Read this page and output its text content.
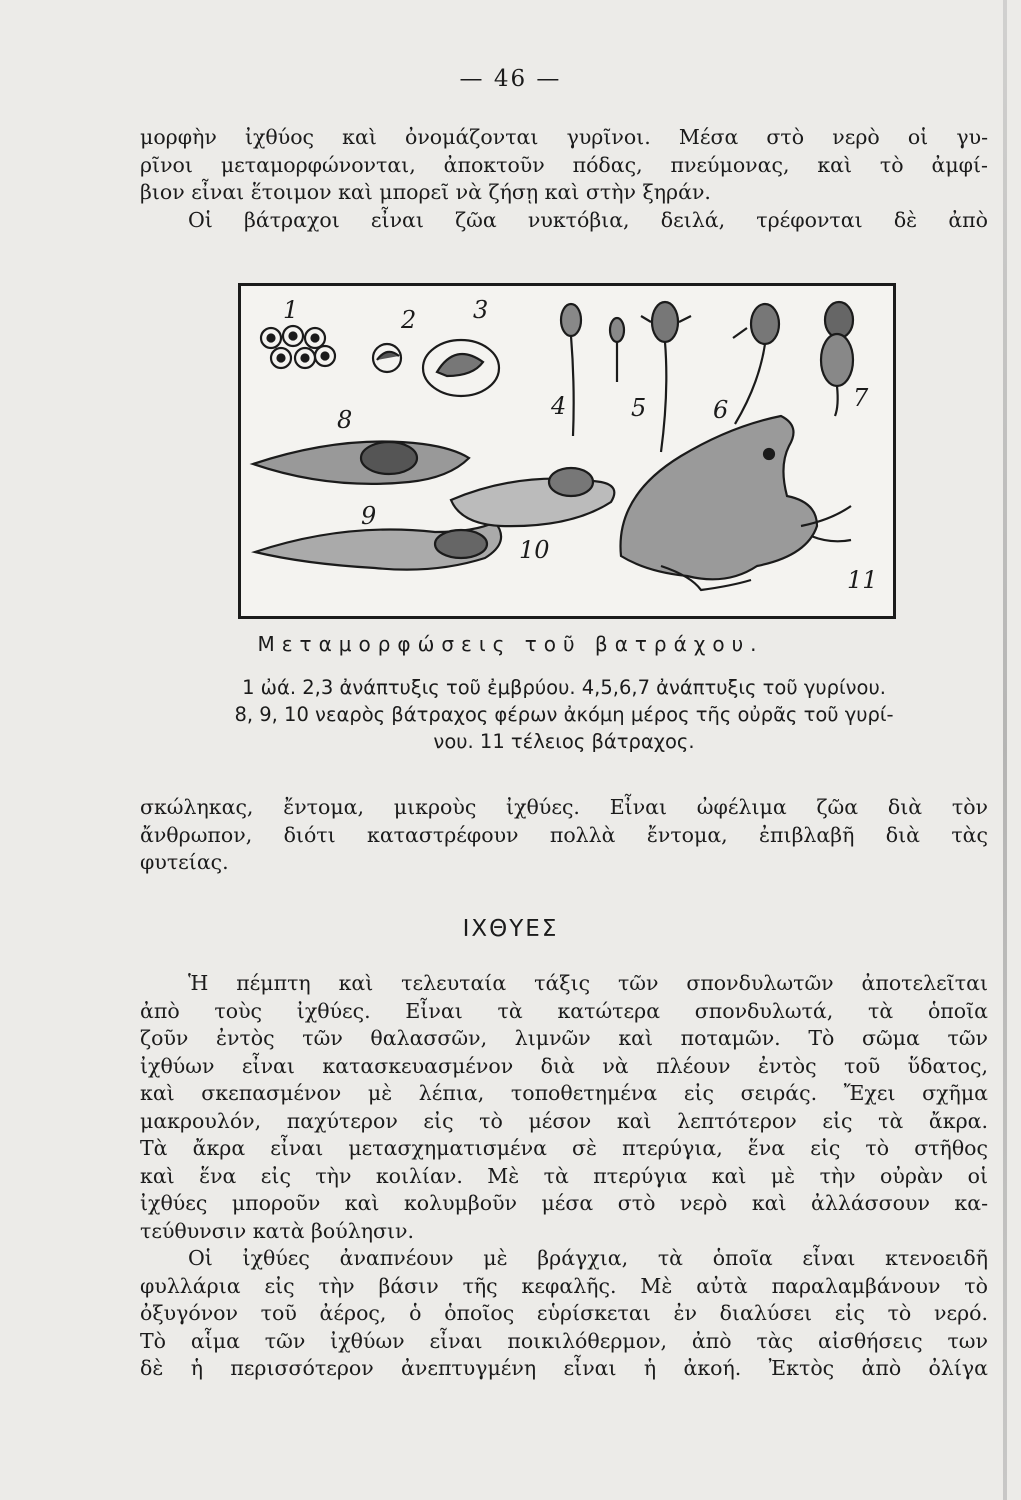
— 46 —
μορφὴν ἰχθύος καὶ ὀνομάζονται γυρῖνοι. Μέσα στὸ νερὸ οἱ γυ-
ρῖνοι μεταμορφώνονται, ἀποκτοῦν πόδας, πνεύμονας, καὶ τὸ ἀμφί-
βιον εἶναι ἕτοιμον καὶ μπορεῖ νὰ ζήσῃ καὶ στὴν ξηράν.
Οἱ βάτραχοι εἶναι ζῶα νυκτόβια, δειλά, τρέφονται δὲ ἀπὸ
1	2 3
4	5	6	7
8
9
10
11
Μεταμορφώσεις τοῦ βατράχου.
1 ὠά. 2,3 ἀνάπτυξις τοῦ ἐμβρύου. 4,5,6,7 ἀνάπτυξις τοῦ γυρίνου.
8, 9, 10 νεαρὸς βάτραχος φέρων ἀκόμη μέρος τῆς οὐρᾶς τοῦ γυρί-
νου. 11 τέλειος βάτραχος.
σκώληκας, ἔντομα, μικροὺς ἰχθύες. Εἶναι ὠφέλιμα ζῶα διὰ τὸν
ἄνθρωπον, διότι καταστρέφουν πολλὰ ἔντομα, ἐπιβλαβῆ διὰ τὰς
φυτείας.
ΙΧΘΥΕΣ
Ἡ πέμπτη καὶ τελευταία τάξις τῶν σπονδυλωτῶν ἀποτελεῖται
ἀπὸ τοὺς ἰχθύες. Εἶναι τὰ κατώτερα σπονδυλωτά, τὰ ὁποῖα
ζοῦν ἐντὸς τῶν θαλασσῶν, λιμνῶν καὶ ποταμῶν. Τὸ σῶμα τῶν
ἰχθύων εἶναι κατασκευασμένον διὰ νὰ πλέουν ἐντὸς τοῦ ὕδατος,
καὶ σκεπασμένον μὲ λέπια, τοποθετημένα εἰς σειράς. Ἔχει σχῆμα
μακρουλόν, παχύτερον εἰς τὸ μέσον καὶ λεπτότερον εἰς τὰ ἄκρα.
Τὰ ἄκρα εἶναι μετασχηματισμένα σὲ πτερύγια, ἕνα εἰς τὸ στῆθος
καὶ ἕνα εἰς τὴν κοιλίαν. Μὲ τὰ πτερύγια καὶ μὲ τὴν οὐρὰν οἱ
ἰχθύες μποροῦν καὶ κολυμβοῦν μέσα στὸ νερὸ καὶ ἀλλάσσουν κα-
τεύθυνσιν κατὰ βούλησιν.
Οἱ ἰχθύες ἀναπνέουν μὲ βράγχια, τὰ ὁποῖα εἶναι κτενοειδῆ
φυλλάρια εἰς τὴν βάσιν τῆς κεφαλῆς. Μὲ αὐτὰ παραλαμβάνουν τὸ
ὀξυγόνον τοῦ ἀέρος, ὁ ὁποῖος εὑρίσκεται ἐν διαλύσει εἰς τὸ νερό.
Τὸ αἷμα τῶν ἰχθύων εἶναι ποικιλόθερμον, ἀπὸ τὰς αἰσθήσεις των
δὲ ἡ περισσότερον ἀνεπτυγμένη εἶναι ἡ ἀκοή. Ἐκτὸς ἀπὸ ὀλίγα
